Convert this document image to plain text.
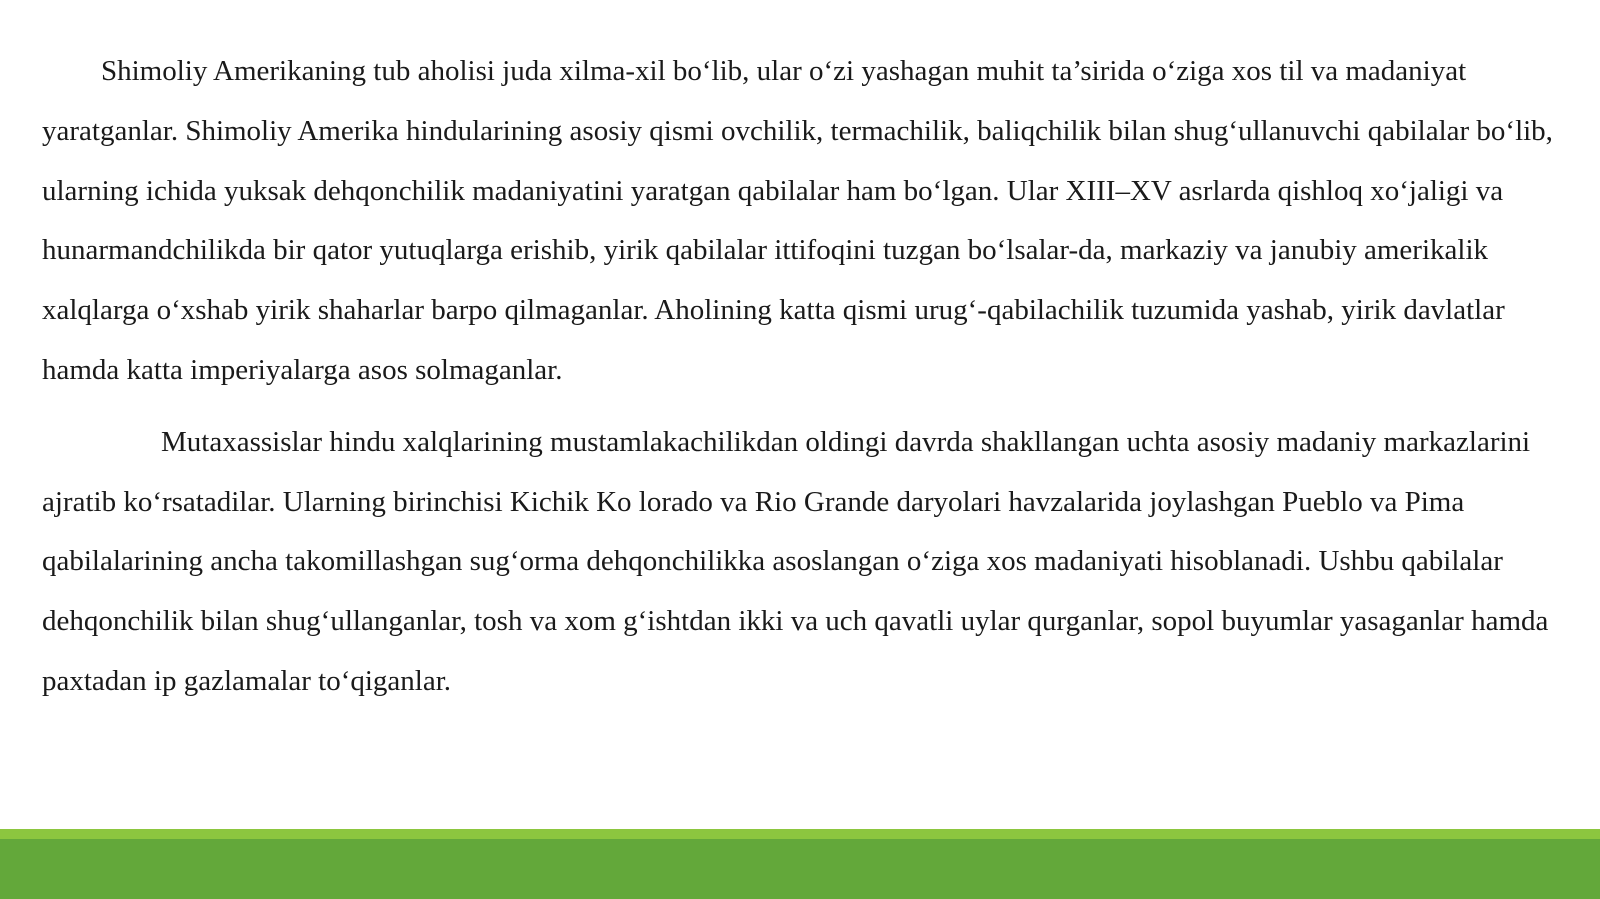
Shimoliy Amerikaning tub aholisi juda xilma-xil bo‘lib, ular o‘zi yashagan muhit ta’sirida o‘ziga xos til va madaniyat yaratganlar. Shimoliy Amerika hindularining asosiy qismi ovchilik, termachilik, baliqchilik bilan shug‘ullanuvchi qabilalar bo‘lib, ularning ichida yuksak dehqonchilik madaniyatini yaratgan qabilalar ham bo‘lgan. Ular XIII–XV asrlarda qishloq xo‘jaligi va hunarmandchilikda bir qator yutuqlarga erishib, yirik qabilalar ittifoqini tuzgan bo‘lsalar-da, markaziy va janubiy amerikalik xalqlarga o‘xshab yirik shaharlar barpo qilmaganlar. Aholining katta qismi urug‘-qabilachilik tuzumida yashab, yirik davlatlar hamda katta imperiyalarga asos solmaganlar.

Mutaxassislar hindu xalqlarining mustamlakachilikdan oldingi davrda shakllangan uchta asosiy madaniy markazlarini ajratib ko‘rsatadilar. Ularning birinchisi Kichik Ko lorado va Rio Grande daryolari havzalarida joylashgan Pueblo va Pima qabilalarining ancha takomillashgan sug‘orma dehqonchilikka asoslangan o‘ziga xos madaniyati hisoblanadi. Ushbu qabilalar dehqonchilik bilan shug‘ullanganlar, tosh va xom g‘ishtdan ikki va uch qavatli uylar qurganlar, sopol buyumlar yasaganlar hamda paxtadan ip gazlamalar to‘qiganlar.
